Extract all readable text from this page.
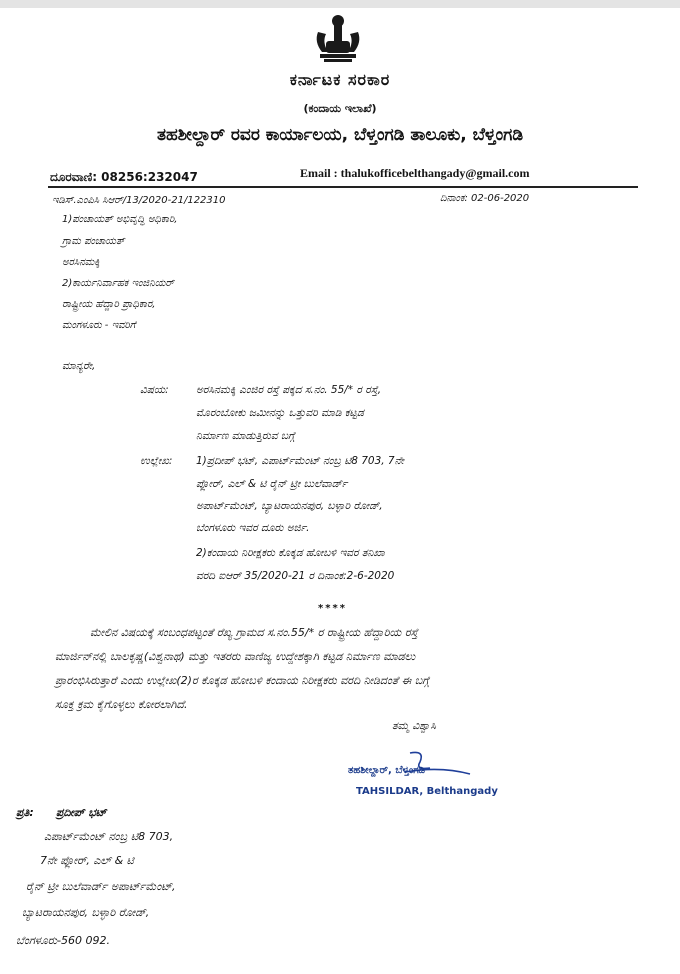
ಕರ್ನಾಟಕ ಸರಕಾರ
(ಕಂದಾಯ ಇಲಾಖೆ)
ತಹಶೀಲ್ದಾರ್ ರವರ ಕಾರ್ಯಾಲಯ, ಬೆಳ್ತಂಗಡಿ ತಾಲೂಕು, ಬೆಳ್ತಂಗಡಿ
ದೂರವಾಣಿ: 08256:232047	Email : thalukofficebelthangady@gmail.com
ಇಡಿಸ್.ಎಂಪಿಸಿ ಸಿಆರ್/13/2020-21/122310	ದಿನಾಂಕ: 02-06-2020
1)ಪಂಚಾಯತ್ ಅಭಿವೃದ್ಧಿ ಅಧಿಕಾರಿ,
ಗ್ರಾಮ ಪಂಚಾಯತ್
ಅರಸಿನಮಕ್ಕಿ
2)ಕಾರ್ಯನಿರ್ವಾಹಕ ಇಂಜಿನಿಯರ್
ರಾಷ್ಟ್ರೀಯ ಹೆದ್ದಾರಿ ಪ್ರಾಧಿಕಾರ,
ಮಂಗಳೂರು - ಇವರಿಗೆ
ಮಾನ್ಯರೇ,
ವಿಷಯ:	ಅರಸಿನಮಕ್ಕಿ ಎಂಜಿರ ರಸ್ತೆ ಪಕ್ಕದ ಸ.ನಂ. 55/* ರ ರಸ್ತೆ,
ಮೊರಂಬೋಕು ಜಮೀನನ್ನು ಒತ್ತುವರಿ ಮಾಡಿ ಕಟ್ಟಡ
ನಿರ್ಮಾಣ ಮಾಡುತ್ತಿರುವ ಬಗ್ಗೆ
ಉಲ್ಲೇಖ: 1)ಪ್ರದೀಪ್ ಭಟ್, ಎಪಾರ್ಟ್‌ಮೆಂಟ್ ನಂಬ್ರ ಟಿ8 703, 7ನೇ
ಪ್ಲೋರ್, ಎಲ್ & ಟಿ ರೈನ್ ಟ್ರೀ ಬುಲೆವಾರ್ಡ್
ಅಪಾರ್ಟ್‌ಮೆಂಟ್, ಬ್ಯಾಟರಾಯನಪುರ, ಬಳ್ಳಾರಿ ರೋಡ್,
ಬೆಂಗಳೂರು ಇವರ ದೂರು ಅರ್ಜಿ.
2)ಕಂದಾಯ ನಿರೀಕ್ಷಕರು ಕೊಕ್ಕಡ ಹೋಬಳಿ ಇವರ ತನಿಖಾ
ವರದಿ ಐಆರ್ 35/2020-21 ರ ದಿನಾಂಕ:2-6-2020
****
ಮೇಲಿನ ವಿಷಯಕ್ಕೆ ಸಂಬಂಧಪಟ್ಟಂತೆ ರೆಖ್ಯ ಗ್ರಾಮದ ಸ.ನಂ.55/* ರ ರಾಷ್ಟ್ರೀಯ ಹೆದ್ದಾರಿಯ ರಸ್ತೆ
ಮಾರ್ಜಿನ್‌ನಲ್ಲಿ ಬಾಲಕೃಷ್ಣ(ವಿಶ್ವನಾಥ) ಮತ್ತು ಇತರರು ವಾಣಿಜ್ಯ ಉದ್ದೇಶಕ್ಕಾಗಿ ಕಟ್ಟಡ ನಿರ್ಮಾಣ ಮಾಡಲು
ಪ್ರಾರಂಭಿಸಿರುತ್ತಾರೆ ಎಂದು ಉಲ್ಲೇಖ(2)ರ ಕೊಕ್ಕಡ ಹೋಬಳಿ ಕಂದಾಯ ನಿರೀಕ್ಷಕರು ವರದಿ ನೀಡಿದಂತೆ ಈ ಬಗ್ಗೆ
ಸೂಕ್ತ ಕ್ರಮ ಕೈಗೊಳ್ಳಲು ಕೋರಲಾಗಿದೆ.
ತಮ್ಮ ವಿಶ್ವಾಸಿ
ತಹಶೀಲ್ದಾರ್, ಬೆಳ್ತಂಗಡಿ
TAHSILDAR, Belthangady
ಪ್ರತಿ: ಪ್ರದೀಪ್ ಭಟ್
ಎಪಾರ್ಟ್‌ಮೆಂಟ್ ನಂಬ್ರ ಟಿ8 703,
7ನೇ ಪ್ಲೋರ್, ಎಲ್ & ಟಿ
ರೈನ್ ಟ್ರೀ ಬುಲೆವಾರ್ಡ್ ಅಪಾರ್ಟ್‌ಮೆಂಟ್,
ಬ್ಯಾಟರಾಯನಪುರ, ಬಳ್ಳಾರಿ ರೋಡ್,
ಬೆಂಗಳೂರು-560 092.
